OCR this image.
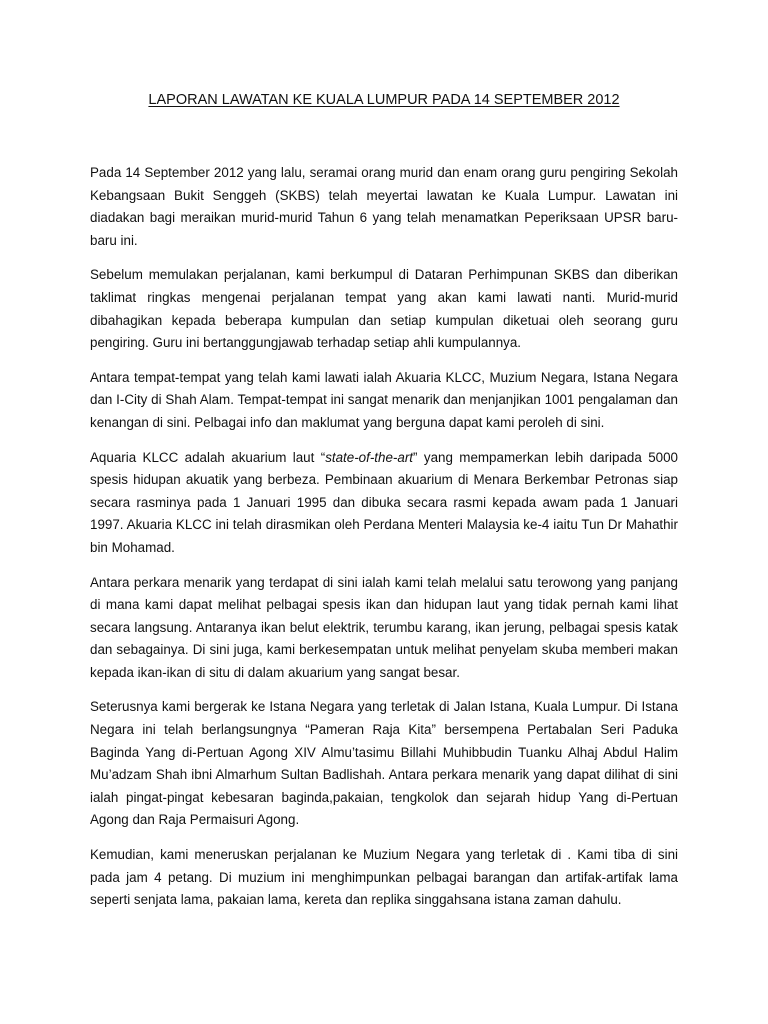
LAPORAN LAWATAN KE KUALA LUMPUR PADA 14 SEPTEMBER 2012

Pada 14 September 2012 yang lalu, seramai orang murid dan enam orang guru pengiring Sekolah Kebangsaan Bukit Senggeh (SKBS) telah meyertai lawatan ke Kuala Lumpur. Lawatan ini diadakan bagi meraikan murid-murid Tahun 6 yang telah menamatkan Peperiksaan UPSR baru-baru ini.

Sebelum memulakan perjalanan, kami berkumpul di Dataran Perhimpunan SKBS dan diberikan taklimat ringkas mengenai perjalanan tempat yang akan kami lawati nanti. Murid-murid dibahagikan kepada beberapa kumpulan dan setiap kumpulan diketuai oleh seorang guru pengiring. Guru ini bertanggungjawab terhadap setiap ahli kumpulannya.

Antara tempat-tempat yang telah kami lawati ialah Akuaria KLCC, Muzium Negara, Istana Negara dan I-City di Shah Alam. Tempat-tempat ini sangat menarik dan menjanjikan 1001 pengalaman dan kenangan di sini. Pelbagai info dan maklumat yang berguna dapat kami peroleh di sini.

Aquaria KLCC adalah akuarium laut “state-of-the-art” yang mempamerkan lebih daripada 5000 spesis hidupan akuatik yang berbeza. Pembinaan akuarium di Menara Berkembar Petronas siap secara rasminya pada 1 Januari 1995 dan dibuka secara rasmi kepada awam pada 1 Januari 1997. Akuaria KLCC ini telah dirasmikan oleh Perdana Menteri Malaysia ke-4 iaitu Tun Dr Mahathir bin Mohamad.

Antara perkara menarik yang terdapat di sini ialah kami telah melalui satu terowong yang panjang di mana kami dapat melihat pelbagai spesis ikan dan hidupan laut yang tidak pernah kami lihat secara langsung. Antaranya ikan belut elektrik, terumbu karang, ikan jerung, pelbagai spesis katak dan sebagainya. Di sini juga, kami berkesempatan untuk melihat penyelam skuba memberi makan kepada ikan-ikan di situ di dalam akuarium yang sangat besar.

Seterusnya kami bergerak ke Istana Negara yang terletak di Jalan Istana, Kuala Lumpur. Di Istana Negara ini telah berlangsungnya “Pameran Raja Kita” bersempena Pertabalan Seri Paduka Baginda Yang di-Pertuan Agong XIV Almu’tasimu Billahi Muhibbudin Tuanku Alhaj Abdul Halim Mu’adzam Shah ibni Almarhum Sultan Badlishah. Antara perkara menarik yang dapat dilihat di sini ialah pingat-pingat kebesaran baginda,pakaian, tengkolok dan sejarah hidup Yang di-Pertuan Agong dan Raja Permaisuri Agong.

Kemudian, kami meneruskan perjalanan ke Muzium Negara yang terletak di . Kami tiba di sini pada jam 4 petang. Di muzium ini menghimpunkan pelbagai barangan dan artifak-artifak lama seperti senjata lama, pakaian lama, kereta dan replika singgahsana istana zaman dahulu.
